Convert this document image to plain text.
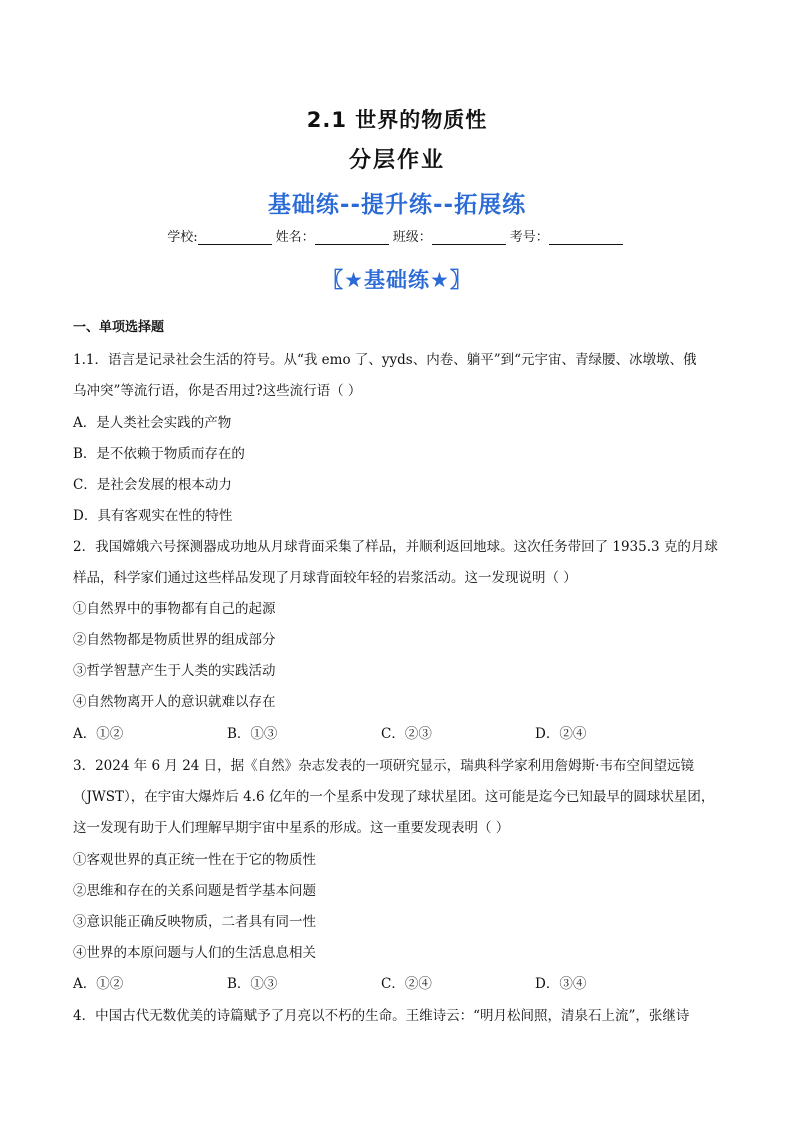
2.1 世界的物质性
分层作业
基础练--提升练--拓展练
学校:	姓名：	班级：	考号：
〖★基础练★〗
一、单项选择题
1.1．语言是记录社会生活的符号。从“我 emo 了、yyds、内卷、躺平”到“元宇宙、青绿腰、冰墩墩、俄
乌冲突”等流行语，你是否用过?这些流行语（ ）
A．是人类社会实践的产物
B．是不依赖于物质而存在的
C．是社会发展的根本动力
D．具有客观实在性的特性
2．我国嫦娥六号探测器成功地从月球背面采集了样品，并顺利返回地球。这次任务带回了 1935.3 克的月球
样品，科学家们通过这些样品发现了月球背面较年轻的岩浆活动。这一发现说明（ ）
①自然界中的事物都有自己的起源
②自然物都是物质世界的组成部分
③哲学智慧产生于人类的实践活动
④自然物离开人的意识就难以存在
A．①②	B．①③	C．②③	D．②④
3．2024 年 6 月 24 日，据《自然》杂志发表的一项研究显示，瑞典科学家利用詹姆斯·韦布空间望远镜
（JWST），在宇宙大爆炸后 4.6 亿年的一个星系中发现了球状星团。这可能是迄今已知最早的圆球状星团，
这一发现有助于人们理解早期宇宙中星系的形成。这一重要发现表明（ ）
①客观世界的真正统一性在于它的物质性
②思维和存在的关系问题是哲学基本问题
③意识能正确反映物质，二者具有同一性
④世界的本原问题与人们的生活息息相关
A．①②	B．①③	C．②④	D．③④
4．中国古代无数优美的诗篇赋予了月亮以不朽的生命。王维诗云：“明月松间照，清泉石上流”，张继诗
